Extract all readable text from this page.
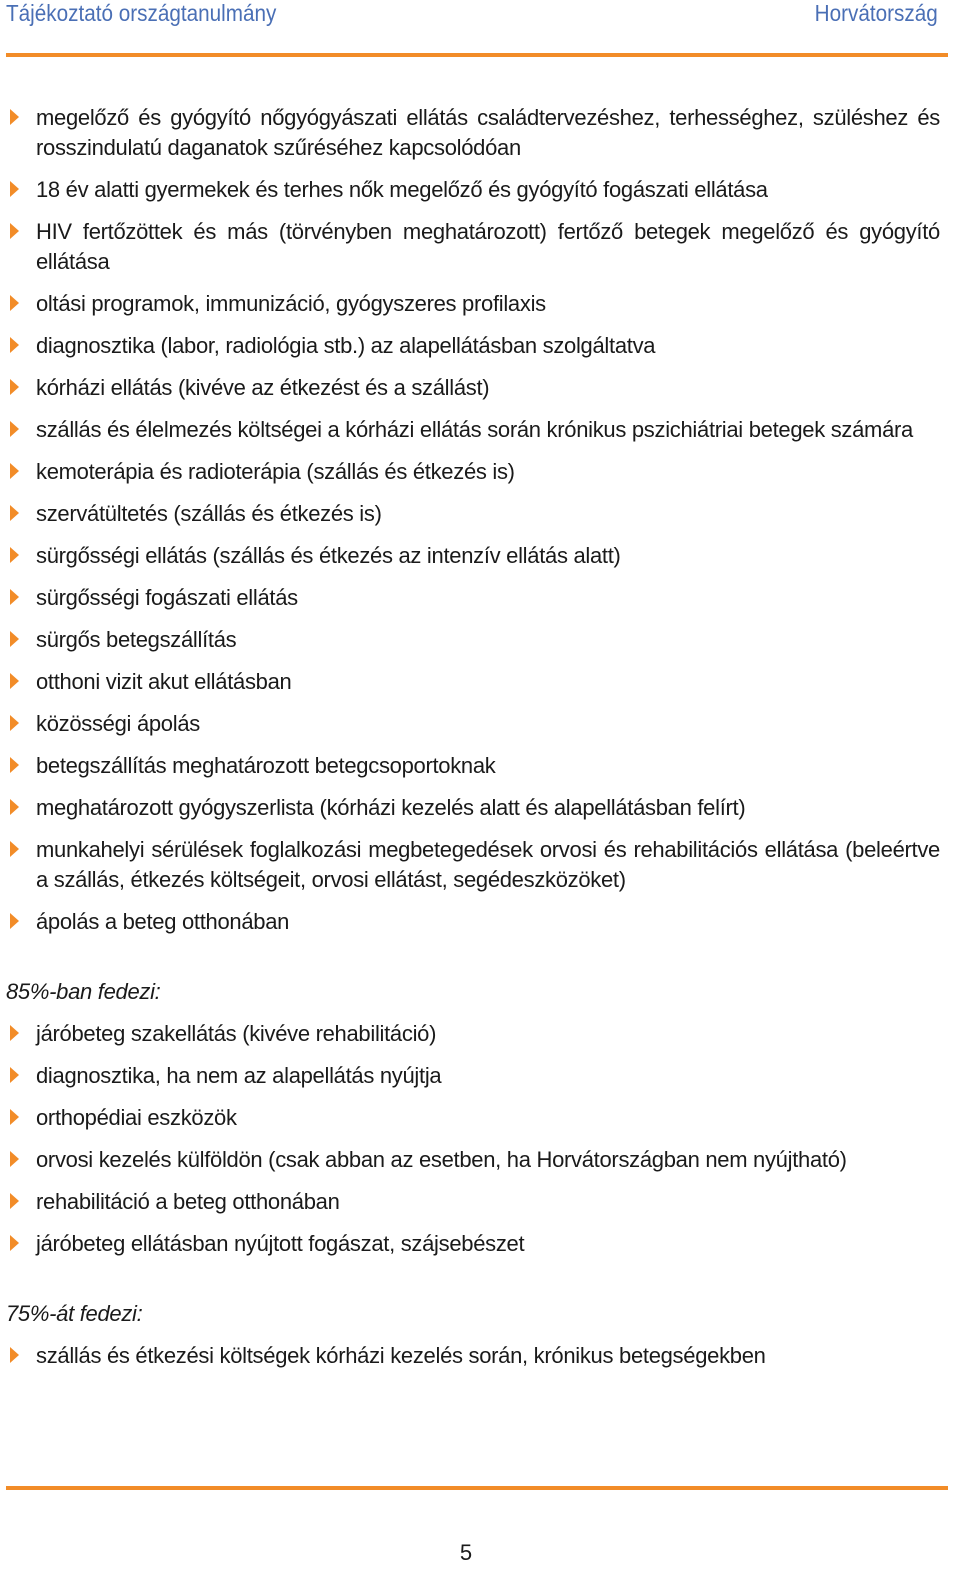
Tájékoztató országtanulmány	Horvátország
megelőző és gyógyító nőgyógyászati ellátás családtervezéshez, terhességhez, szüléshez és rosszindulatú daganatok szűréséhez kapcsolódóan
18 év alatti gyermekek és terhes nők megelőző és gyógyító fogászati ellátása
HIV fertőzöttek és más (törvényben meghatározott) fertőző betegek megelőző és gyógyító ellátása
oltási programok, immunizáció, gyógyszeres profilaxis
diagnosztika (labor, radiológia stb.) az alapellátásban szolgáltatva
kórházi ellátás (kivéve az étkezést és a szállást)
szállás és élelmezés költségei a kórházi ellátás során krónikus pszichiátriai betegek számára
kemoterápia és radioterápia (szállás és étkezés is)
szervátültetés (szállás és étkezés is)
sürgősségi ellátás (szállás és étkezés az intenzív ellátás alatt)
sürgősségi fogászati ellátás
sürgős betegszállítás
otthoni vizit akut ellátásban
közösségi ápolás
betegszállítás meghatározott betegcsoportoknak
meghatározott gyógyszerlista (kórházi kezelés alatt és alapellátásban felírt)
munkahelyi sérülések foglalkozási megbetegedések orvosi és rehabilitációs ellátása (beleértve a szállás, étkezés költségeit, orvosi ellátást, segédeszközöket)
ápolás a beteg otthonában

85%-ban fedezi:

járóbeteg szakellátás (kivéve rehabilitáció)
diagnosztika, ha nem az alapellátás nyújtja
orthopédiai eszközök
orvosi kezelés külföldön (csak abban az esetben, ha Horvátországban nem nyújtható)
rehabilitáció a beteg otthonában
járóbeteg ellátásban nyújtott fogászat, szájsebészet

75%-át fedezi:

szállás és étkezési költségek kórházi kezelés során, krónikus betegségekben
5
